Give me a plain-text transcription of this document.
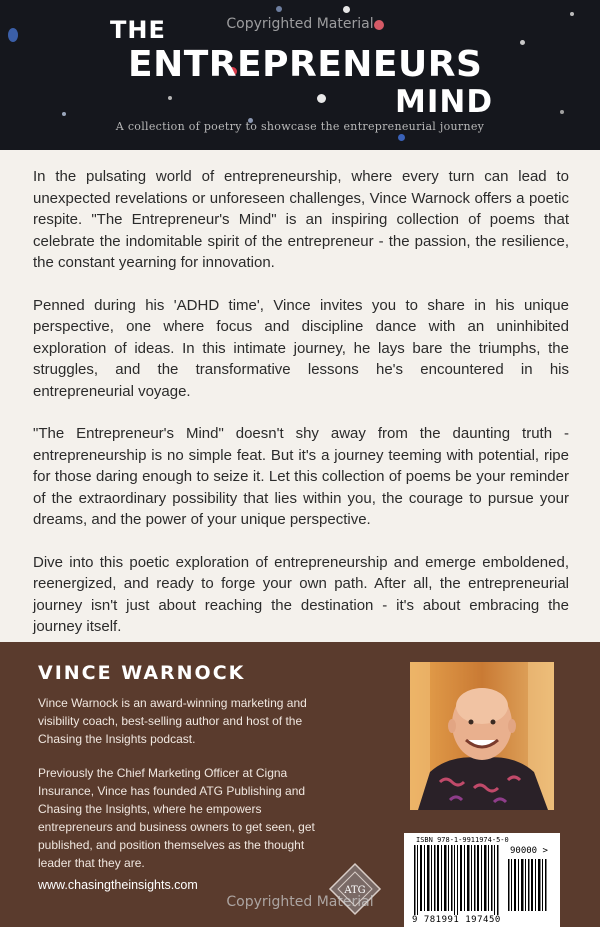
Copyrighted Material
THE
ENTREPRENEURS
MIND
A collection of poetry to showcase the entrepreneurial journey

In the pulsating world of entrepreneurship, where every turn can lead to unexpected revelations or unforeseen challenges, Vince Warnock offers a poetic respite. "The Entrepreneur's Mind" is an inspiring collection of poems that celebrate the indomitable spirit of the entrepreneur - the passion, the resilience, the constant yearning for innovation.

Penned during his 'ADHD time', Vince invites you to share in his unique perspective, one where focus and discipline dance with an uninhibited exploration of ideas. In this intimate journey, he lays bare the triumphs, the struggles, and the transformative lessons he's encountered in his entrepreneurial voyage.

"The Entrepreneur's Mind" doesn't shy away from the daunting truth - entrepreneurship is no simple feat. But it's a journey teeming with potential, ripe for those daring enough to seize it. Let this collection of poems be your reminder of the extraordinary possibility that lies within you, the courage to pursue your dreams, and the power of your unique perspective.

Dive into this poetic exploration of entrepreneurship and emerge emboldened, reenergized, and ready to forge your own path. After all, the entrepreneurial journey isn't just about reaching the destination - it's about embracing the journey itself.

VINCE WARNOCK

Vince Warnock is an award-winning marketing and visibility coach, best-selling author and host of the Chasing the Insights podcast.

Previously the Chief Marketing Officer at Cigna Insurance, Vince has founded ATG Publishing and Chasing the Insights, where he empowers entrepreneurs and business owners to get seen, get published, and position themselves as the thought leader that they are.

www.chasingtheinsights.com
ISBN 978-1-9911974-5-0
90000 >
9 781991 197450
ATG
Copyrighted Material
